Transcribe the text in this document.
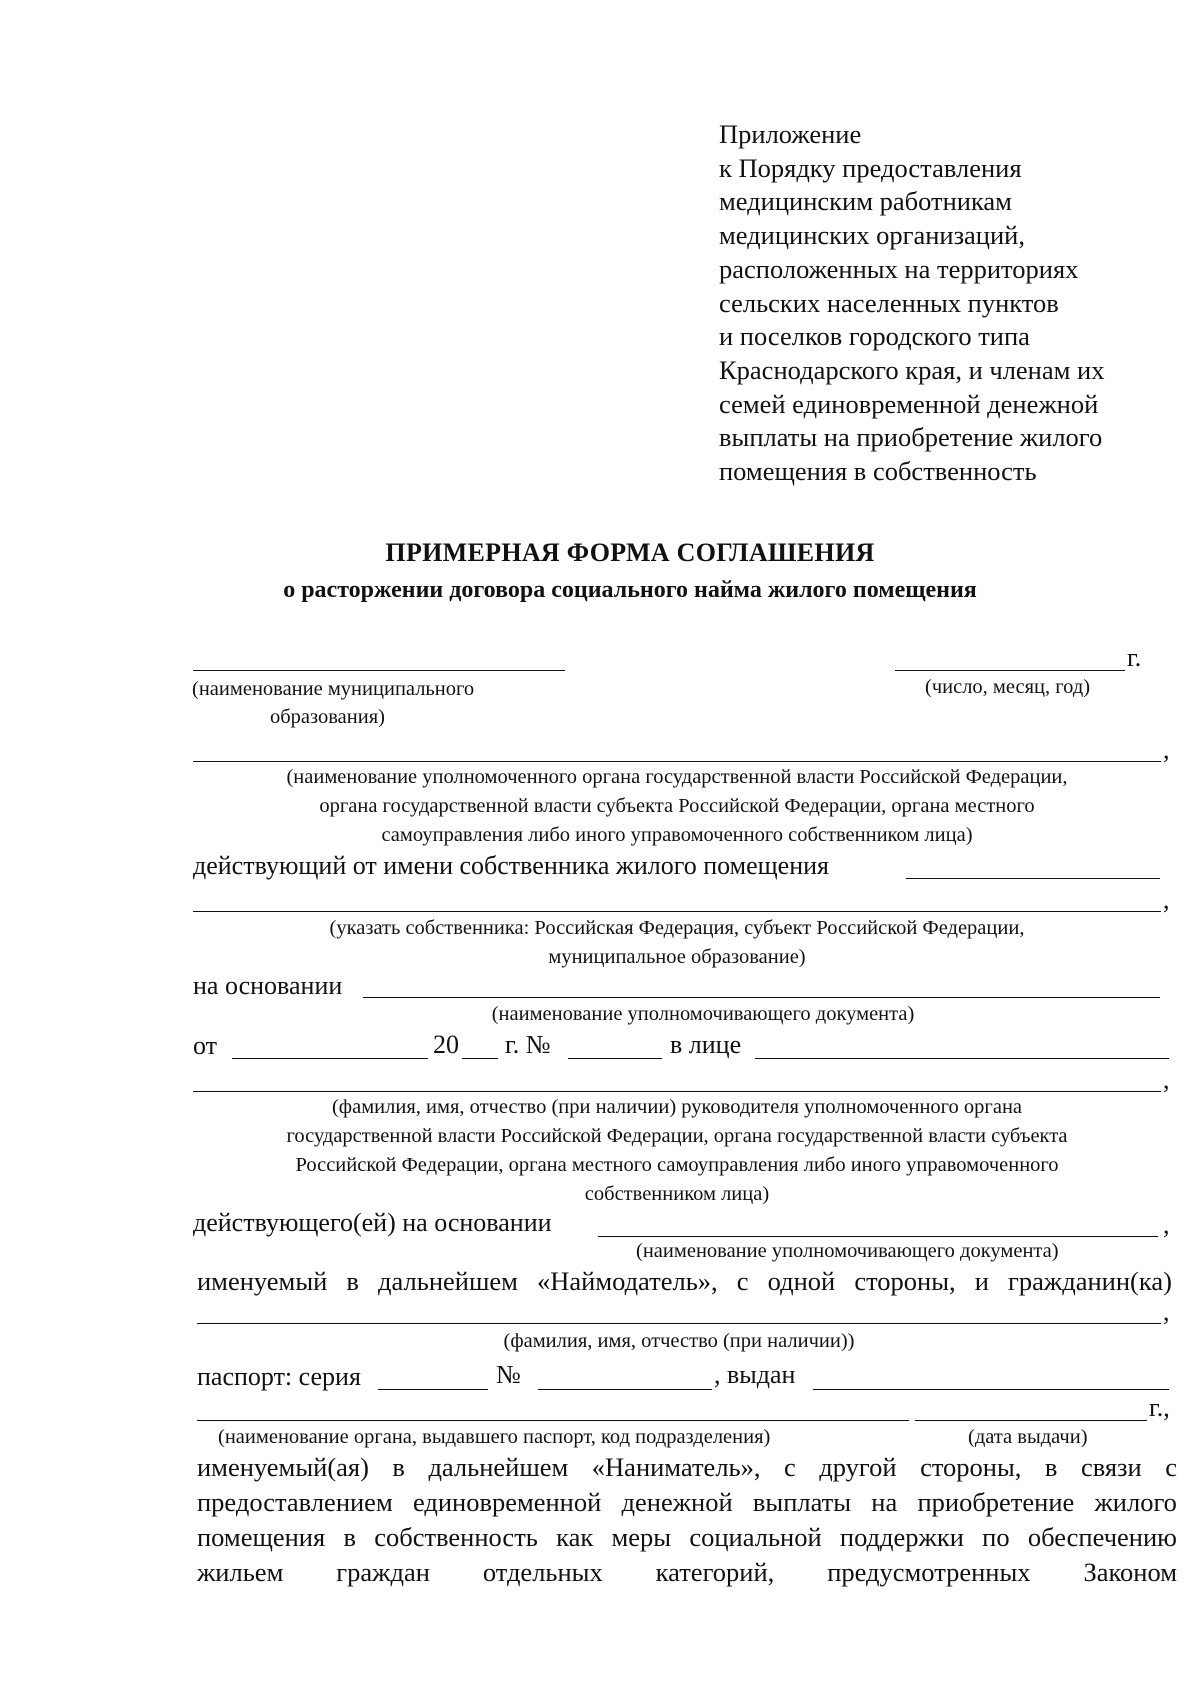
Приложение
к Порядку предоставления
медицинским работникам
медицинских организаций,
расположенных на территориях
сельских населенных пунктов
и поселков городского типа
Краснодарского края, и членам их
семей единовременной денежной
выплаты на приобретение жилого
помещения в собственность
ПРИМЕРНАЯ ФОРМА СОГЛАШЕНИЯ
о расторжении договора социального найма жилого помещения
г.
(наименование муниципального
образования)
(число, месяц, год)
,
(наименование уполномоченного органа государственной власти Российской Федерации,
органа государственной власти субъекта Российской Федерации, органа местного
самоуправления либо иного управомоченного собственником лица)
действующий от имени собственника жилого помещения
,
(указать собственника: Российская Федерация, субъект Российской Федерации,
муниципальное образование)
на основании
(наименование уполномочивающего документа)
от	20 г. №	в лице
,
(фамилия, имя, отчество (при наличии) руководителя уполномоченного органа
государственной власти Российской Федерации, органа государственной власти субъекта
Российской Федерации, органа местного самоуправления либо иного управомоченного
собственником лица)
действующего(ей) на основании	,
(наименование уполномочивающего документа)
именуемый в дальнейшем «Наймодатель», с одной стороны, и гражданин(ка)
,
(фамилия, имя, отчество (при наличии))
паспорт: серия	№	, выдан
г.,
(наименование органа, выдавшего паспорт, код подразделения)	(дата выдачи)
именуемый(ая) в дальнейшем «Наниматель», с другой стороны, в связи с
предоставлением единовременной денежной выплаты на приобретение жилого
помещения в собственность как меры социальной поддержки по обеспечению
жильем граждан отдельных категорий, предусмотренных Законом
